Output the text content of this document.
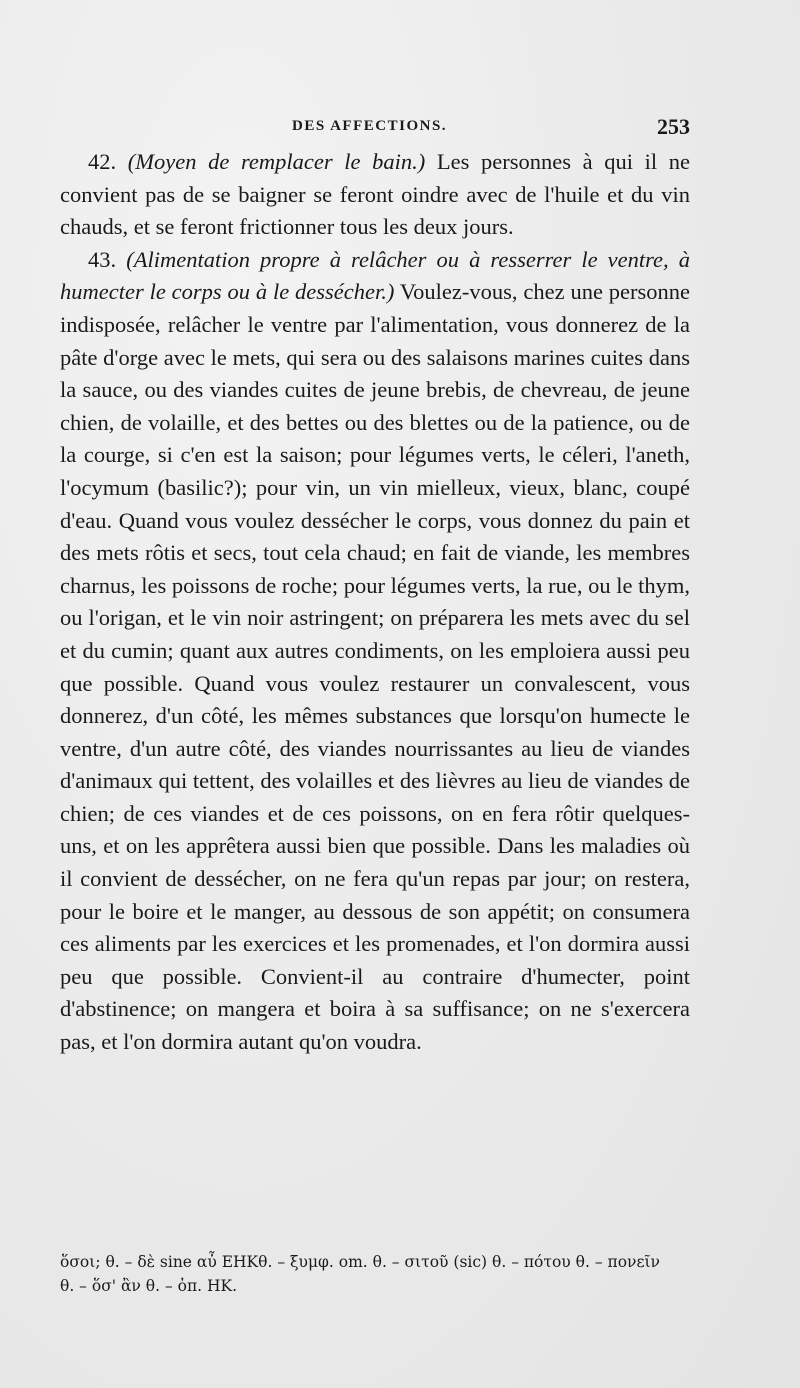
DES AFFECTIONS.	253

42. (Moyen de remplacer le bain.) Les personnes à qui il ne convient pas de se baigner se feront oindre avec de l'huile et du vin chauds, et se feront frictionner tous les deux jours.

43. (Alimentation propre à relâcher ou à resserrer le ventre, à humecter le corps ou à le dessécher.) Voulez-vous, chez une personne indisposée, relâcher le ventre par l'alimentation, vous donnerez de la pâte d'orge avec le mets, qui sera ou des salaisons marines cuites dans la sauce, ou des viandes cuites de jeune brebis, de chevreau, de jeune chien, de volaille, et des bettes ou des blettes ou de la patience, ou de la courge, si c'en est la saison; pour légumes verts, le céleri, l'aneth, l'ocymum (basilic?); pour vin, un vin mielleux, vieux, blanc, coupé d'eau. Quand vous voulez dessécher le corps, vous donnez du pain et des mets rôtis et secs, tout cela chaud; en fait de viande, les membres charnus, les poissons de roche; pour légumes verts, la rue, ou le thym, ou l'origan, et le vin noir astringent; on préparera les mets avec du sel et du cumin; quant aux autres condiments, on les emploiera aussi peu que possible. Quand vous voulez restaurer un convalescent, vous donnerez, d'un côté, les mêmes substances que lorsqu'on humecte le ventre, d'un autre côté, des viandes nourrissantes au lieu de viandes d'animaux qui tettent, des volailles et des lièvres au lieu de viandes de chien; de ces viandes et de ces poissons, on en fera rôtir quelques-uns, et on les apprêtera aussi bien que possible. Dans les maladies où il convient de dessécher, on ne fera qu'un repas par jour; on restera, pour le boire et le manger, au dessous de son appétit; on consumera ces aliments par les exercices et les promenades, et l'on dormira aussi peu que possible. Convient-il au contraire d'humecter, point d'abstinence; on mangera et boira à sa suffisance; on ne s'exercera pas, et l'on dormira autant qu'on voudra.

ὅσοι; θ. – δὲ sine αὖ EHKθ. – ξυμφ. om. θ. – σιτοῦ (sic) θ. – πότου θ. – πονεῖν

θ. – ὅσ' ἂν θ. – ὀπ. HK.
